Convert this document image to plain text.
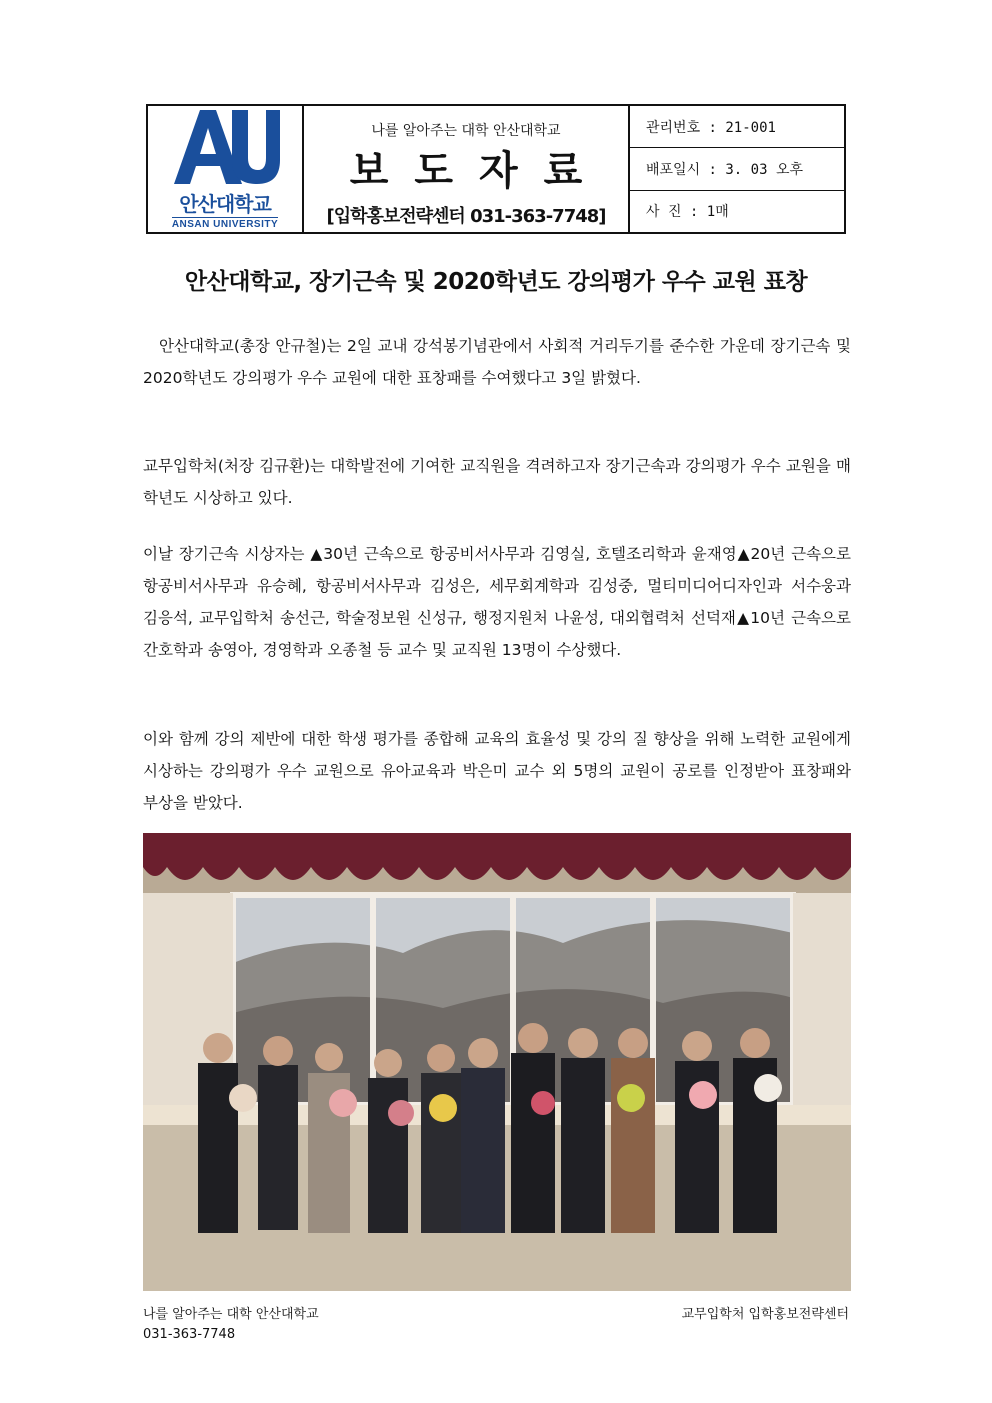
안산대학교
ANSAN UNIVERSITY
나를 알아주는 대학 안산대학교
보도자료
[입학홍보전략센터 031-363-7748]
관리번호 : 21-001
배포일시 : 3. 03 오후
사 진 : 1매
안산대학교, 장기근속 및 2020학년도 강의평가 우수 교원 표창

안산대학교(총장 안규철)는 2일 교내 강석봉기념관에서 사회적 거리두기를 준수한 가운데 장기근속 및 2020학년도 강의평가 우수 교원에 대한 표창패를 수여했다고 3일 밝혔다.

교무입학처(처장 김규환)는 대학발전에 기여한 교직원을 격려하고자 장기근속과 강의평가 우수 교원을 매 학년도 시상하고 있다.

이날 장기근속 시상자는 ▲30년 근속으로 항공비서사무과 김영실, 호텔조리학과 윤재영▲20년 근속으로 항공비서사무과 유승혜, 항공비서사무과 김성은, 세무회계학과 김성중, 멀티미디어디자인과 서수웅과 김응석, 교무입학처 송선근, 학술정보원 신성규, 행정지원처 나윤성, 대외협력처 선덕재▲10년 근속으로 간호학과 송영아, 경영학과 오종철 등 교수 및 교직원 13명이 수상했다.

이와 함께 강의 제반에 대한 학생 평가를 종합해 교육의 효율성 및 강의 질 향상을 위해 노력한 교원에게 시상하는 강의평가 우수 교원으로 유아교육과 박은미 교수 외 5명의 교원이 공로를 인정받아 표창패와 부상을 받았다.

나를 알아주는 대학 안산대학교
031-363-7748
교무입학처 입학홍보전략센터
